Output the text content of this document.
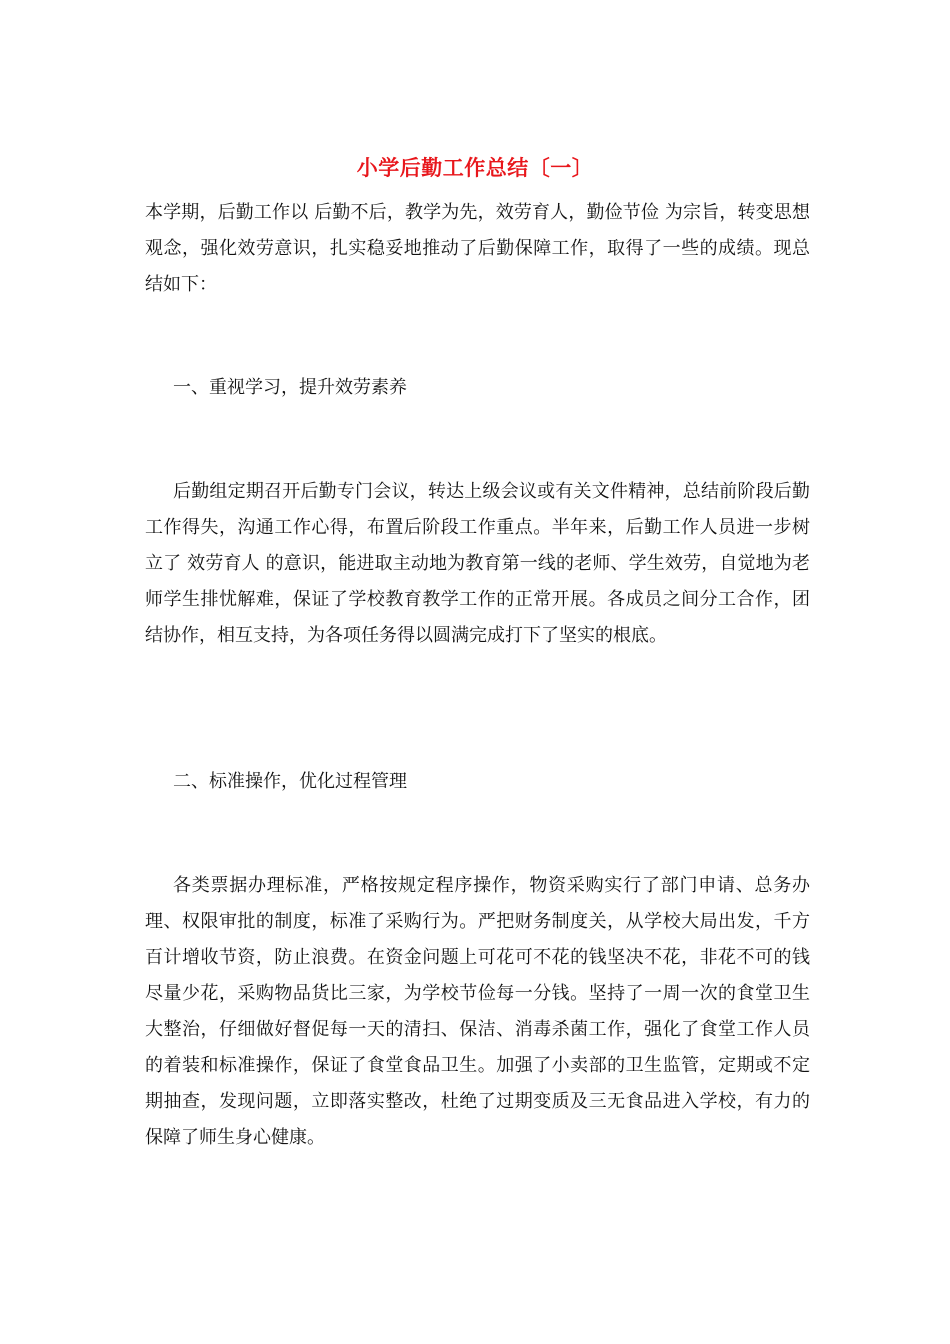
小学后勤工作总结〔一〕

本学期，后勤工作以 后勤不后，教学为先，效劳育人，勤俭节俭 为宗旨，转变思想观念，强化效劳意识，扎实稳妥地推动了后勤保障工作，取得了一些的成绩。现总结如下：

一、重视学习，提升效劳素养

后勤组定期召开后勤专门会议，转达上级会议或有关文件精神，总结前阶段后勤工作得失，沟通工作心得，布置后阶段工作重点。半年来，后勤工作人员进一步树立了 效劳育人 的意识，能进取主动地为教育第一线的老师、学生效劳，自觉地为老师学生排忧解难，保证了学校教育教学工作的正常开展。各成员之间分工合作，团结协作，相互支持，为各项任务得以圆满完成打下了坚实的根底。

二、标准操作，优化过程管理

各类票据办理标准，严格按规定程序操作，物资采购实行了部门申请、总务办理、权限审批的制度，标准了采购行为。严把财务制度关，从学校大局出发，千方百计增收节资，防止浪费。在资金问题上可花可不花的钱坚决不花，非花不可的钱尽量少花，采购物品货比三家，为学校节俭每一分钱。坚持了一周一次的食堂卫生大整治，仔细做好督促每一天的清扫、保洁、消毒杀菌工作，强化了食堂工作人员的着装和标准操作，保证了食堂食品卫生。加强了小卖部的卫生监管，定期或不定期抽查，发现问题，立即落实整改，杜绝了过期变质及三无食品进入学校，有力的保障了师生身心健康。
